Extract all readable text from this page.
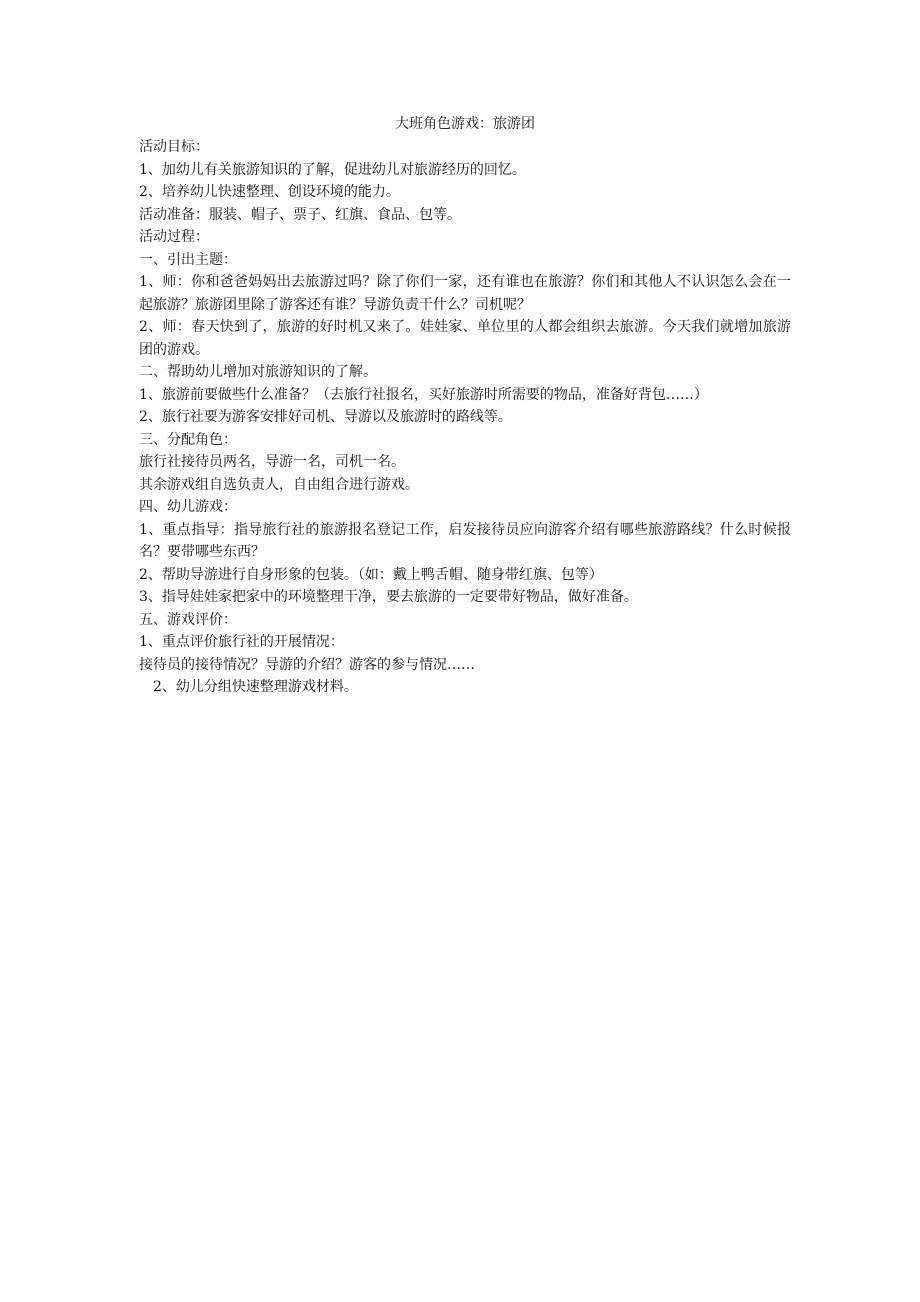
大班角色游戏：旅游团
活动目标：
1、加幼儿有关旅游知识的了解，促进幼儿对旅游经历的回忆。
2、培养幼儿快速整理、创设环境的能力。
活动准备：服装、帽子、票子、红旗、食品、包等。
活动过程：
一、引出主题：
1、师：你和爸爸妈妈出去旅游过吗？除了你们一家，还有谁也在旅游？你们和其他人不认识怎么会在一起旅游？旅游团里除了游客还有谁？导游负责干什么？司机呢？
2、师：春天快到了，旅游的好时机又来了。娃娃家、单位里的人都会组织去旅游。今天我们就增加旅游团的游戏。
二、帮助幼儿增加对旅游知识的了解。
1、旅游前要做些什么准备？（去旅行社报名，买好旅游时所需要的物品，准备好背包……）
2、旅行社要为游客安排好司机、导游以及旅游时的路线等。
三、分配角色：
旅行社接待员两名，导游一名，司机一名。
其余游戏组自选负责人，自由组合进行游戏。
四、幼儿游戏：
1、重点指导：指导旅行社的旅游报名登记工作，启发接待员应向游客介绍有哪些旅游路线？什么时候报名？要带哪些东西？
2、帮助导游进行自身形象的包装。（如：戴上鸭舌帽、随身带红旗、包等）
3、指导娃娃家把家中的环境整理干净，要去旅游的一定要带好物品，做好准备。
五、游戏评价：
1、重点评价旅行社的开展情况：
接待员的接待情况？导游的介绍？游客的参与情况……
2、幼儿分组快速整理游戏材料。
